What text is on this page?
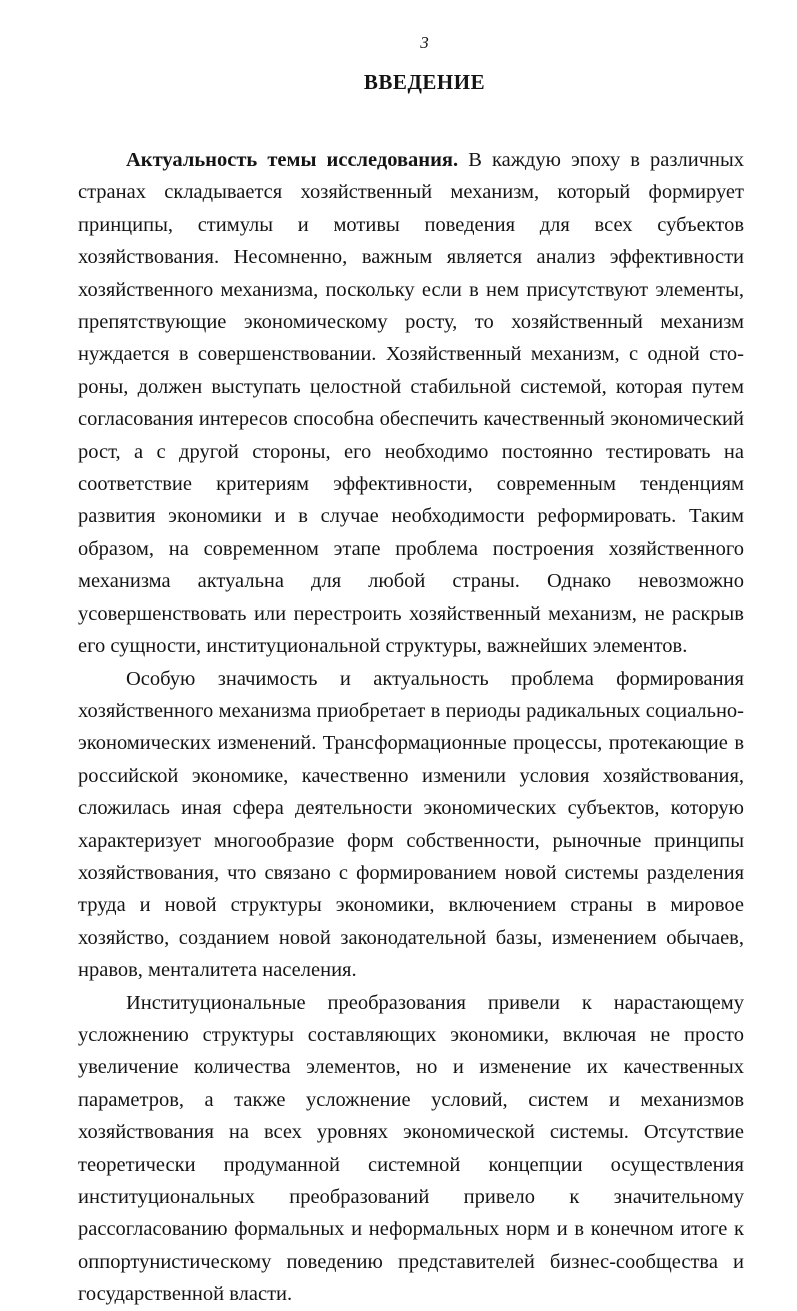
3
ВВЕДЕНИЕ

Актуальность темы исследования. В каждую эпоху в различных странах складывается хозяйственный механизм, который формирует принципы, стимулы и мотивы поведения для всех субъектов хозяйствования. Несомненно, важным является анализ эффективности хозяйственного механизма, поскольку если в нем присутствуют элементы, препятствующие экономическому росту, то хозяйственный механизм нуждается в совершенствовании. Хозяйственный механизм, с одной стороны, должен выступать целостной стабильной системой, которая путем согласования интересов способна обеспечить качественный экономический рост, а с другой стороны, его необходимо постоянно тестировать на соответствие критериям эффективности, современным тенденциям развития экономики и в случае необходимости реформировать. Таким образом, на современном этапе проблема построения хозяйственного механизма актуальна для любой страны. Однако невозможно усовершенствовать или перестроить хозяйственный механизм, не раскрыв его сущности, институциональной структуры, важнейших элементов.

Особую значимость и актуальность проблема формирования хозяйственного механизма приобретает в периоды радикальных социально-экономических изменений. Трансформационные процессы, протекающие в российской экономике, качественно изменили условия хозяйствования, сложилась иная сфера деятельности экономических субъектов, которую характеризует многообразие форм собственности, рыночные принципы хозяйствования, что связано с формированием новой системы разделения труда и новой структуры экономики, включением страны в мировое хозяйство, созданием новой законодательной базы, изменением обычаев, нравов, менталитета населения.

Институциональные преобразования привели к нарастающему усложнению структуры составляющих экономики, включая не просто увеличение количества элементов, но и изменение их качественных параметров, а также усложнение условий, систем и механизмов хозяйствования на всех уровнях экономической системы. Отсутствие теоретически продуманной системной концепции осуществления институциональных преобразований привело к значительному рассогласованию формальных и неформальных норм и в конечном итоге к оппортунистическому поведению представителей бизнес-сообщества и государственной власти.
